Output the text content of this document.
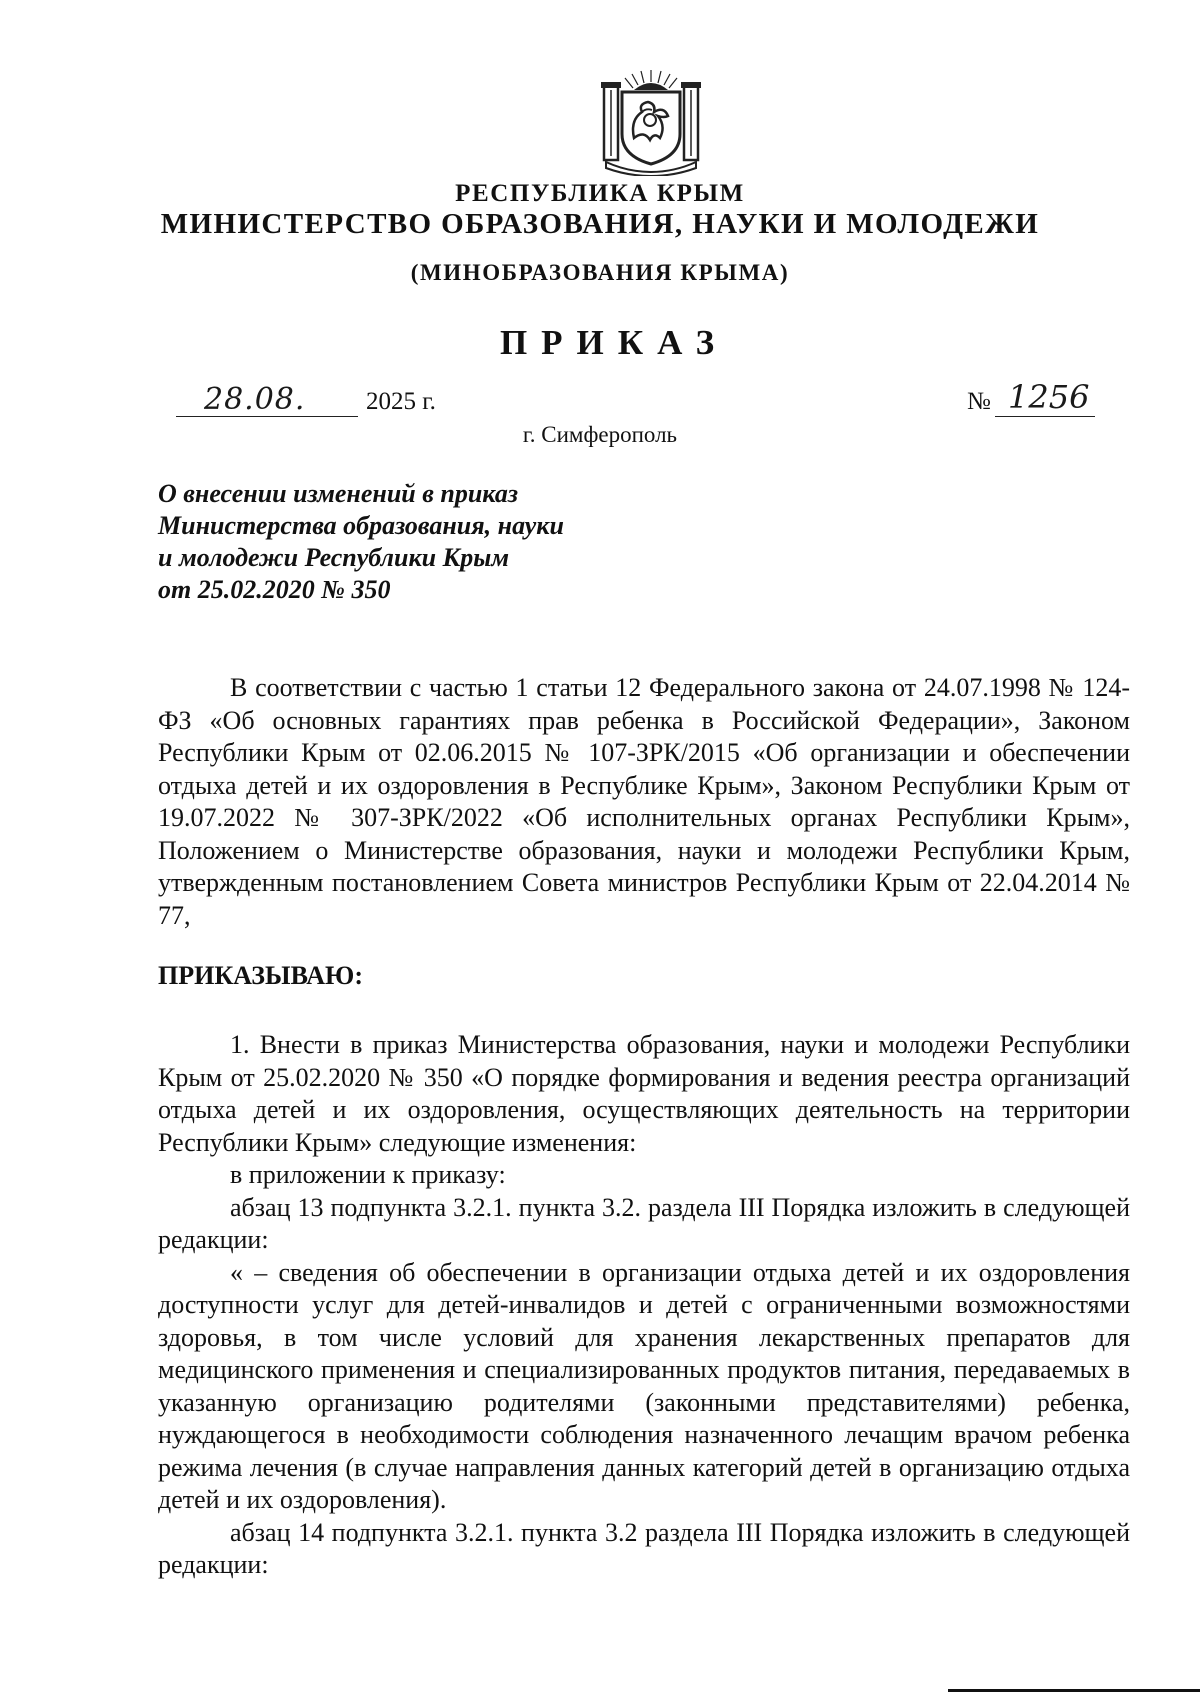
РЕСПУБЛИКА КРЫМ
МИНИСТЕРСТВО ОБРАЗОВАНИЯ, НАУКИ И МОЛОДЕЖИ
(МИНОБРАЗОВАНИЯ КРЫМА)
ПРИКАЗ
28.08. 2025 г.	№ 1256
г. Симферополь
О внесении изменений в приказ
Министерства образования, науки
и молодежи Республики Крым
от 25.02.2020 № 350

В соответствии с частью 1 статьи 12 Федерального закона от 24.07.1998 № 124-ФЗ «Об основных гарантиях прав ребенка в Российской Федерации», Законом Республики Крым от 02.06.2015 № 107-ЗРК/2015 «Об организации и обеспечении отдыха детей и их оздоровления в Республике Крым», Законом Республики Крым от 19.07.2022 № 307-ЗРК/2022 «Об исполнительных органах Республики Крым», Положением о Министерстве образования, науки и молодежи Республики Крым, утвержденным постановлением Совета министров Республики Крым от 22.04.2014 № 77,

ПРИКАЗЫВАЮ:

1. Внести в приказ Министерства образования, науки и молодежи Республики Крым от 25.02.2020 № 350 «О порядке формирования и ведения реестра организаций отдыха детей и их оздоровления, осуществляющих деятельность на территории Республики Крым» следующие изменения:

в приложении к приказу:

абзац 13 подпункта 3.2.1. пункта 3.2. раздела III Порядка изложить в следующей редакции:

« – сведения об обеспечении в организации отдыха детей и их оздоровления доступности услуг для детей-инвалидов и детей с ограниченными возможностями здоровья, в том числе условий для хранения лекарственных препаратов для медицинского применения и специализированных продуктов питания, передаваемых в указанную организацию родителями (законными представителями) ребенка, нуждающегося в необходимости соблюдения назначенного лечащим врачом ребенка режима лечения (в случае направления данных категорий детей в организацию отдыха детей и их оздоровления).

абзац 14 подпункта 3.2.1. пункта 3.2 раздела III Порядка изложить в следующей редакции:
